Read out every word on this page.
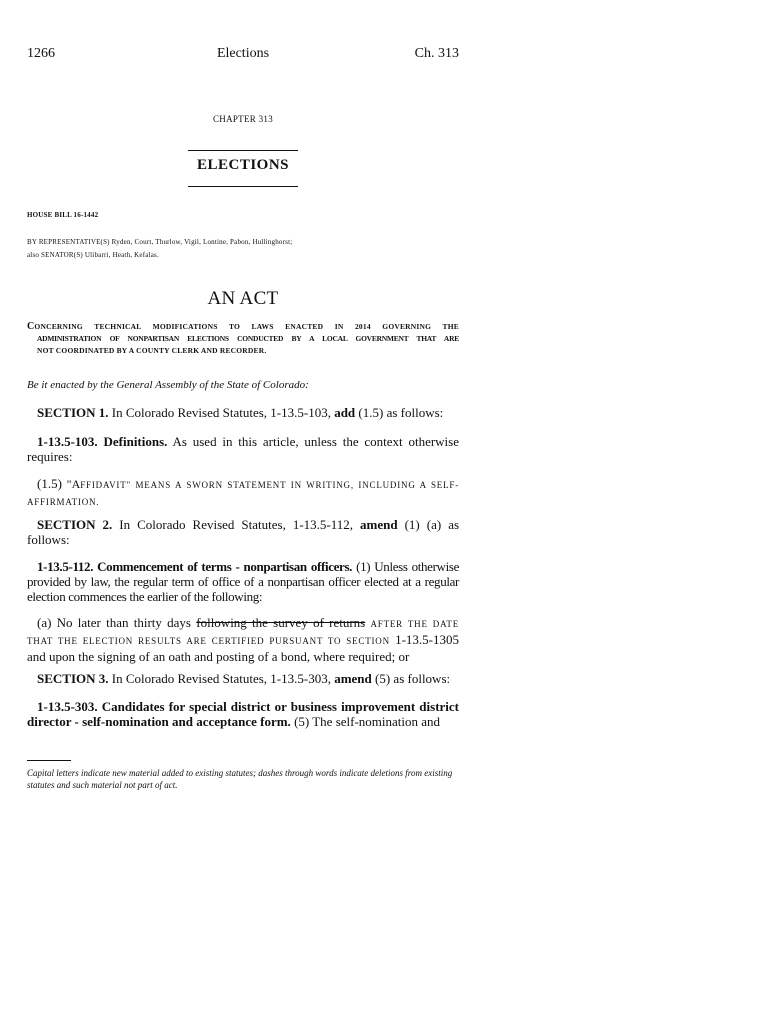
1266	Elections	Ch. 313
CHAPTER 313
ELECTIONS
HOUSE BILL 16-1442
BY REPRESENTATIVE(S) Ryden, Court, Thurlow, Vigil, Lontine, Pabon, Hullinghorst;
also SENATOR(S) Ulibarri, Heath, Kefalas.
AN ACT
CONCERNING TECHNICAL MODIFICATIONS TO LAWS ENACTED IN 2014 GOVERNING THE
ADMINISTRATION OF NONPARTISAN ELECTIONS CONDUCTED BY A LOCAL GOVERNMENT THAT ARE
NOT COORDINATED BY A COUNTY CLERK AND RECORDER.
Be it enacted by the General Assembly of the State of Colorado:
SECTION 1. In Colorado Revised Statutes, 1-13.5-103, add (1.5) as follows:
1-13.5-103. Definitions. As used in this article, unless the context otherwise requires:
(1.5) "AFFIDAVIT" MEANS A SWORN STATEMENT IN WRITING, INCLUDING A SELF-AFFIRMATION.
SECTION 2. In Colorado Revised Statutes, 1-13.5-112, amend (1) (a) as follows:
1-13.5-112. Commencement of terms - nonpartisan officers. (1) Unless otherwise provided by law, the regular term of office of a nonpartisan officer elected at a regular election commences the earlier of the following:
(a) No later than thirty days following the survey of returns AFTER THE DATE THAT THE ELECTION RESULTS ARE CERTIFIED PURSUANT TO SECTION 1-13.5-1305 and upon the signing of an oath and posting of a bond, where required; or
SECTION 3. In Colorado Revised Statutes, 1-13.5-303, amend (5) as follows:
1-13.5-303. Candidates for special district or business improvement district director - self-nomination and acceptance form. (5) The self-nomination and
Capital letters indicate new material added to existing statutes; dashes through words indicate deletions from existing statutes and such material not part of act.
